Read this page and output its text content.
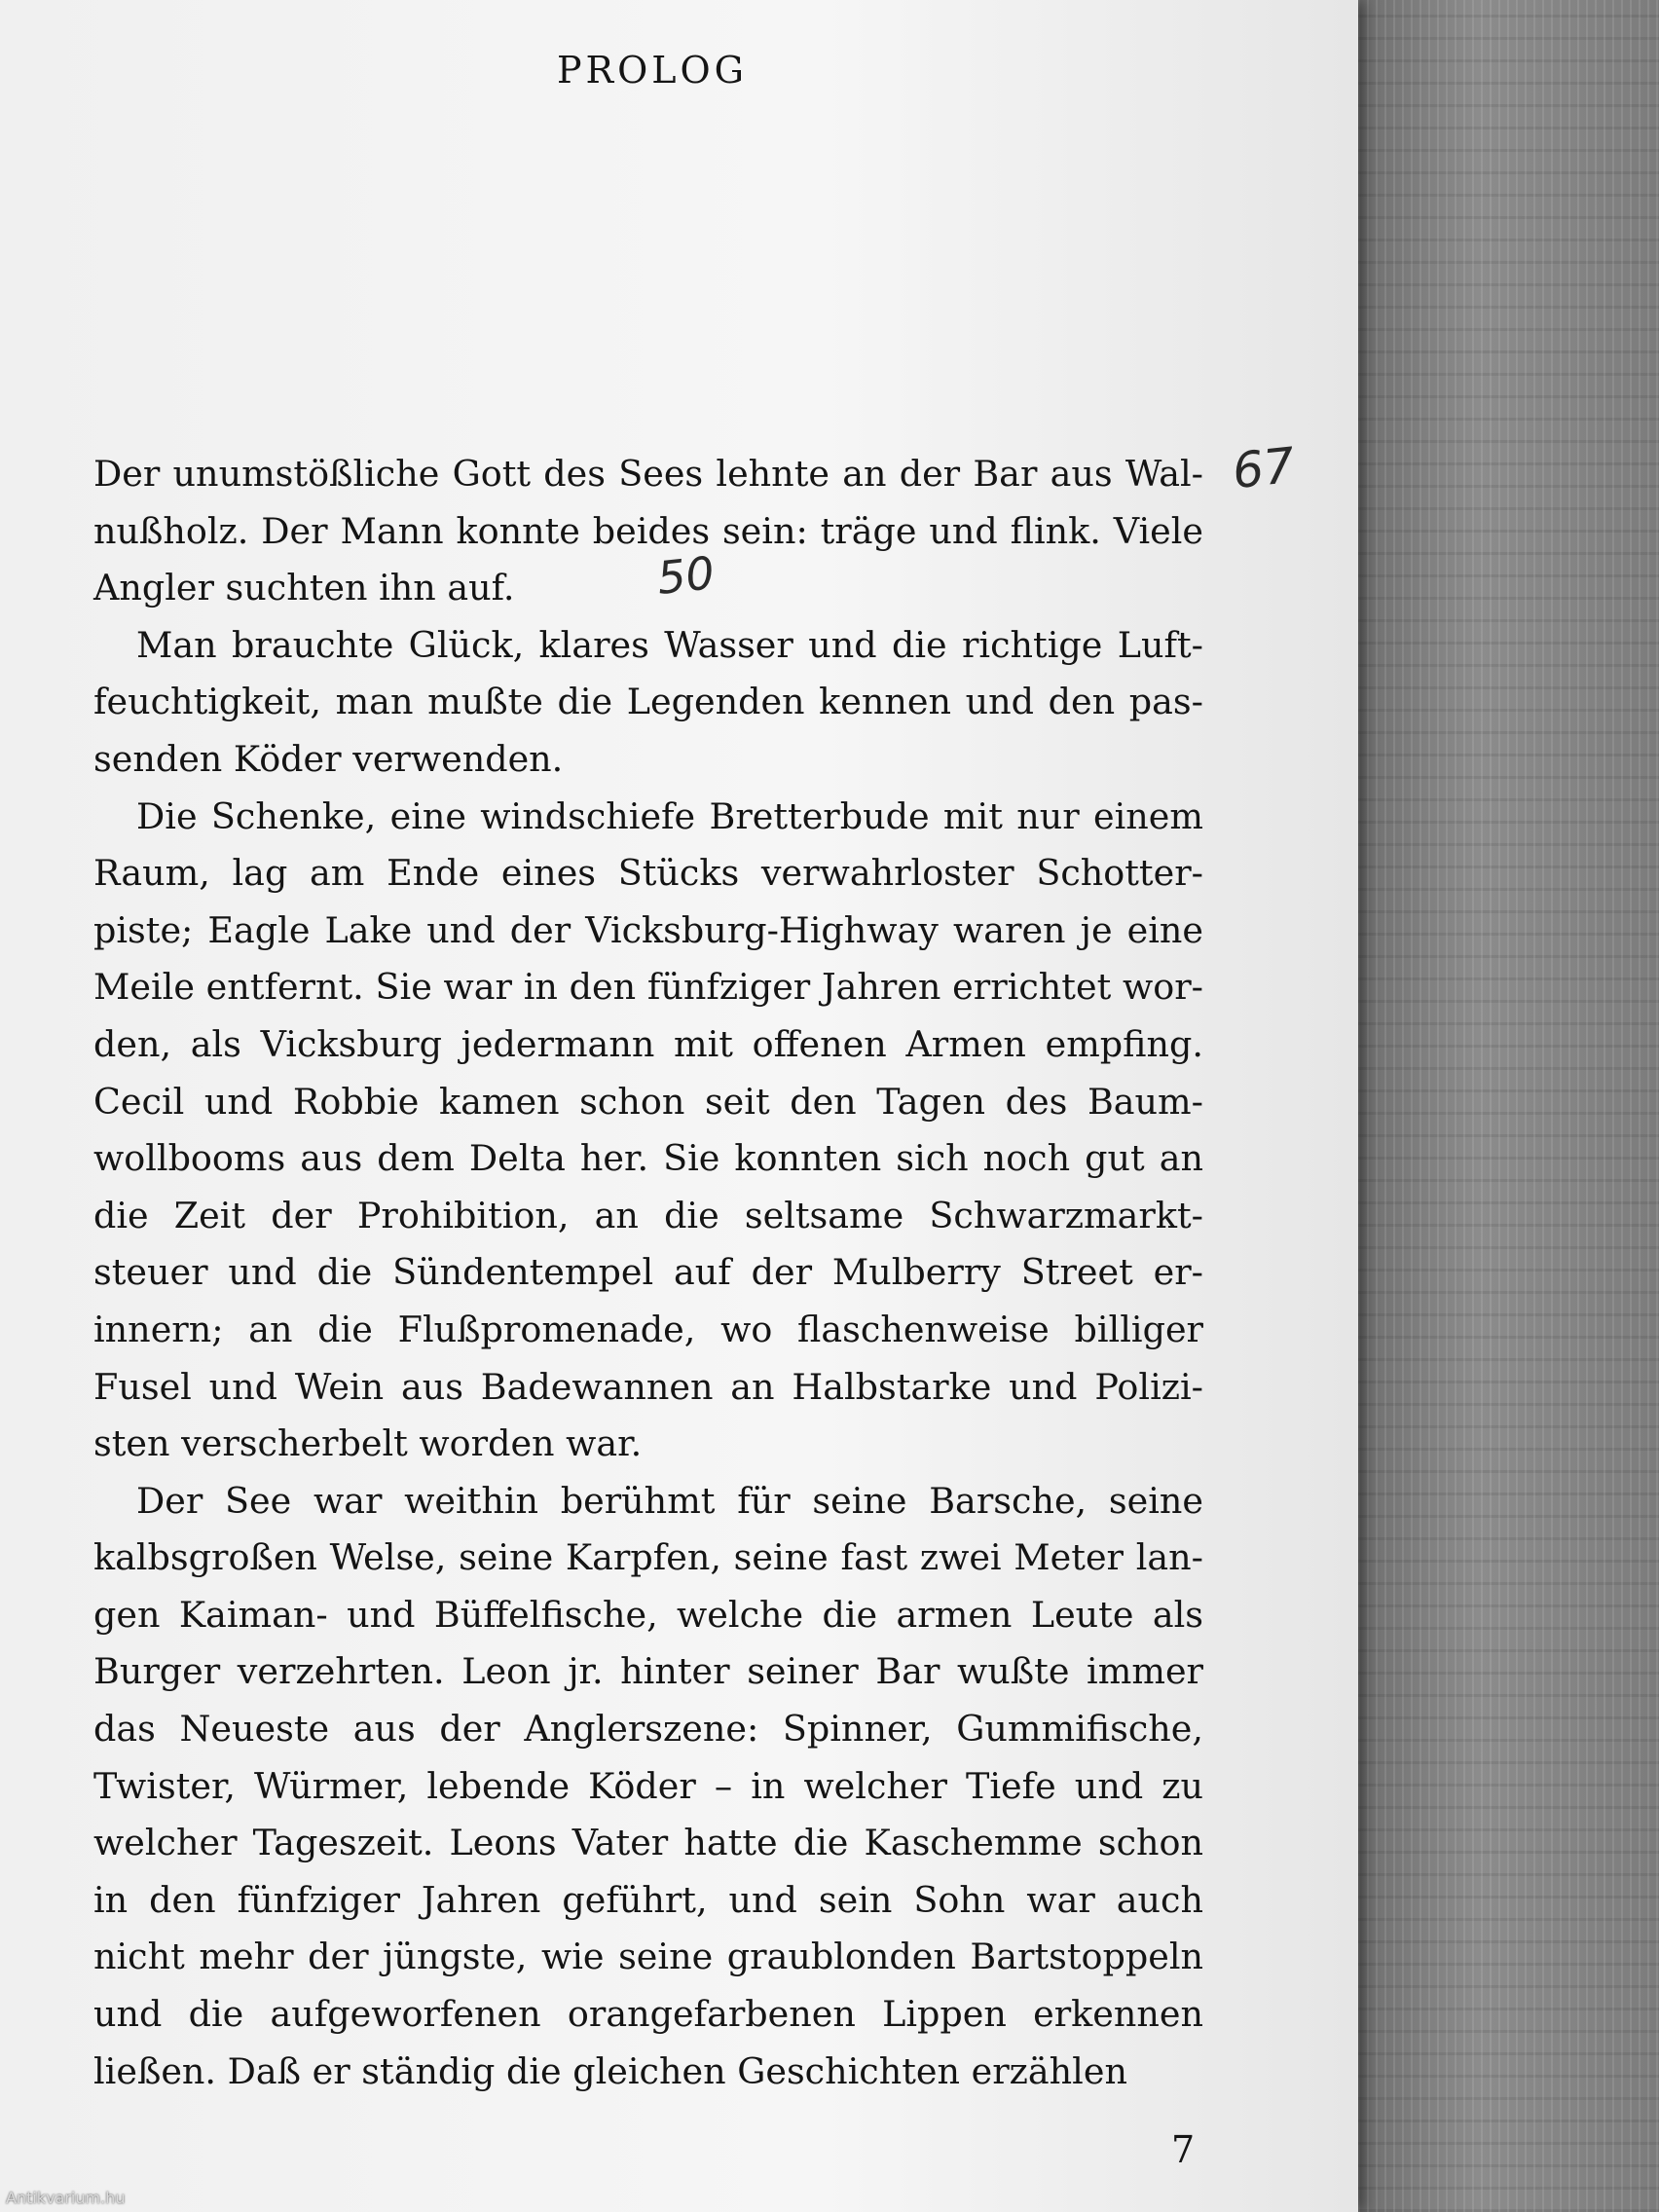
PROLOG

Der unumstößliche Gott des Sees lehnte an der Bar aus Walnußholz. Der Mann konnte beides sein: träge und flink. Viele Angler suchten ihn auf.

Man brauchte Glück, klares Wasser und die richtige Luftfeuchtigkeit, man mußte die Legenden kennen und den passenden Köder verwenden.

Die Schenke, eine windschiefe Bretterbude mit nur einem Raum, lag am Ende eines Stücks verwahrloster Schotterpiste; Eagle Lake und der Vicksburg-Highway waren je eine Meile entfernt. Sie war in den fünfziger Jahren errichtet worden, als Vicksburg jedermann mit offenen Armen empfing. Cecil und Robbie kamen schon seit den Tagen des Baumwollbooms aus dem Delta her. Sie konnten sich noch gut an die Zeit der Prohibition, an die seltsame Schwarzmarktsteuer und die Sündentempel auf der Mulberry Street erinnern; an die Flußpromenade, wo flaschenweise billiger Fusel und Wein aus Badewannen an Halbstarke und Polizisten verscherbelt worden war.

Der See war weithin berühmt für seine Barsche, seine kalbsgroßen Welse, seine Karpfen, seine fast zwei Meter langen Kaiman- und Büffelfische, welche die armen Leute als Burger verzehrten. Leon jr. hinter seiner Bar wußte immer das Neueste aus der Anglerszene: Spinner, Gummifische, Twister, Würmer, lebende Köder – in welcher Tiefe und zu welcher Tageszeit. Leons Vater hatte die Kaschemme schon in den fünfziger Jahren geführt, und sein Sohn war auch nicht mehr der jüngste, wie seine graublonden Bartstoppeln und die aufgeworfenen orangefarbenen Lippen erkennen ließen. Daß er ständig die gleichen Geschichten erzählen

7
67
50
Antikvarium.hu
